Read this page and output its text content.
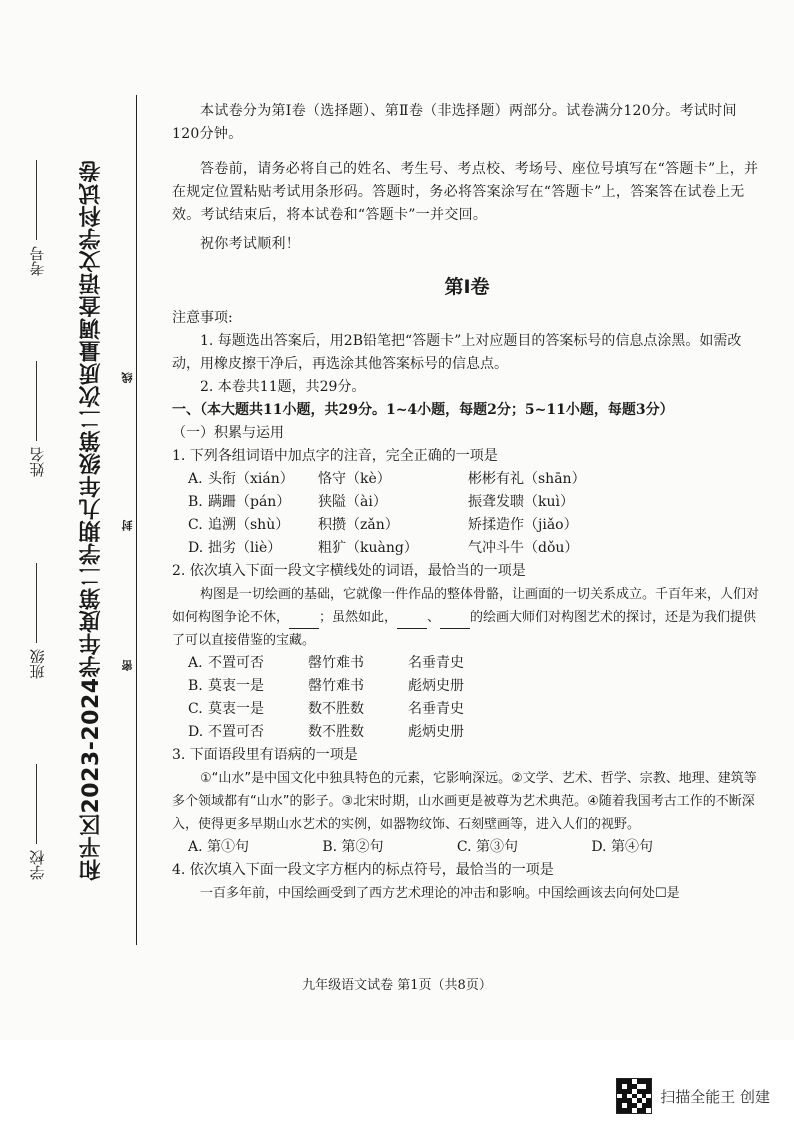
学校
班级
姓名
考号 和平区2023-2024学年度第二学期九年级第二次质量调查语文学科试卷	密
封
线

本试卷分为第Ⅰ卷（选择题）、第Ⅱ卷（非选择题）两部分。试卷满分120分。考试时间120分钟。

答卷前，请务必将自己的姓名、考生号、考点校、考场号、座位号填写在“答题卡”上，并在规定位置粘贴考试用条形码。答题时，务必将答案涂写在“答题卡”上，答案答在试卷上无效。考试结束后，将本试卷和“答题卡”一并交回。

祝你考试顺利！

第Ⅰ卷

注意事项:

1. 每题选出答案后，用2B铅笔把“答题卡”上对应题目的答案标号的信息点涂黑。如需改动，用橡皮擦干净后，再选涂其他答案标号的信息点。

2. 本卷共11题，共29分。

一、（本大题共11小题，共29分。1~4小题，每题2分；5~11小题，每题3分）

（一）积累与运用

1. 下列各组词语中加点字的注音，完全正确的一项是

A. 头衔（xián）	恪守（kè）	彬彬有礼（shān）
B. 蹒跚（pán）	狭隘（ài）	振聋发聩（kuì）
C. 追溯（shù）	积攒（zǎn）	矫揉造作（jiǎo）
D. 拙劣（liè）	粗犷（kuàng）	气冲斗牛（dǒu）

2. 依次填入下面一段文字横线处的词语，最恰当的一项是

构图是一切绘画的基础，它就像一件作品的整体骨骼，让画面的一切关系成立。千百年来，人们对如何构图争论不休， ；虽然如此， 、 的绘画大师们对构图艺术的探讨，还是为我们提供了可以直接借鉴的宝藏。

A. 不置可否	罄竹难书	名垂青史
B. 莫衷一是	罄竹难书	彪炳史册
C. 莫衷一是	数不胜数	名垂青史
D. 不置可否	数不胜数	彪炳史册

3. 下面语段里有语病的一项是

①“山水”是中国文化中独具特色的元素，它影响深远。②文学、艺术、哲学、宗教、地理、建筑等多个领域都有“山水”的影子。③北宋时期，山水画更是被尊为艺术典范。④随着我国考古工作的不断深入，使得更多早期山水艺术的实例，如器物纹饰、石刻壁画等，进入人们的视野。

A. 第①句	B. 第②句	C. 第③句	D. 第④句

4. 依次填入下面一段文字方框内的标点符号，最恰当的一项是

一百多年前，中国绘画受到了西方艺术理论的冲击和影响。中国绘画该去向何处☐是

九年级语文试卷 第1页（共8页）
扫描全能王 创建
